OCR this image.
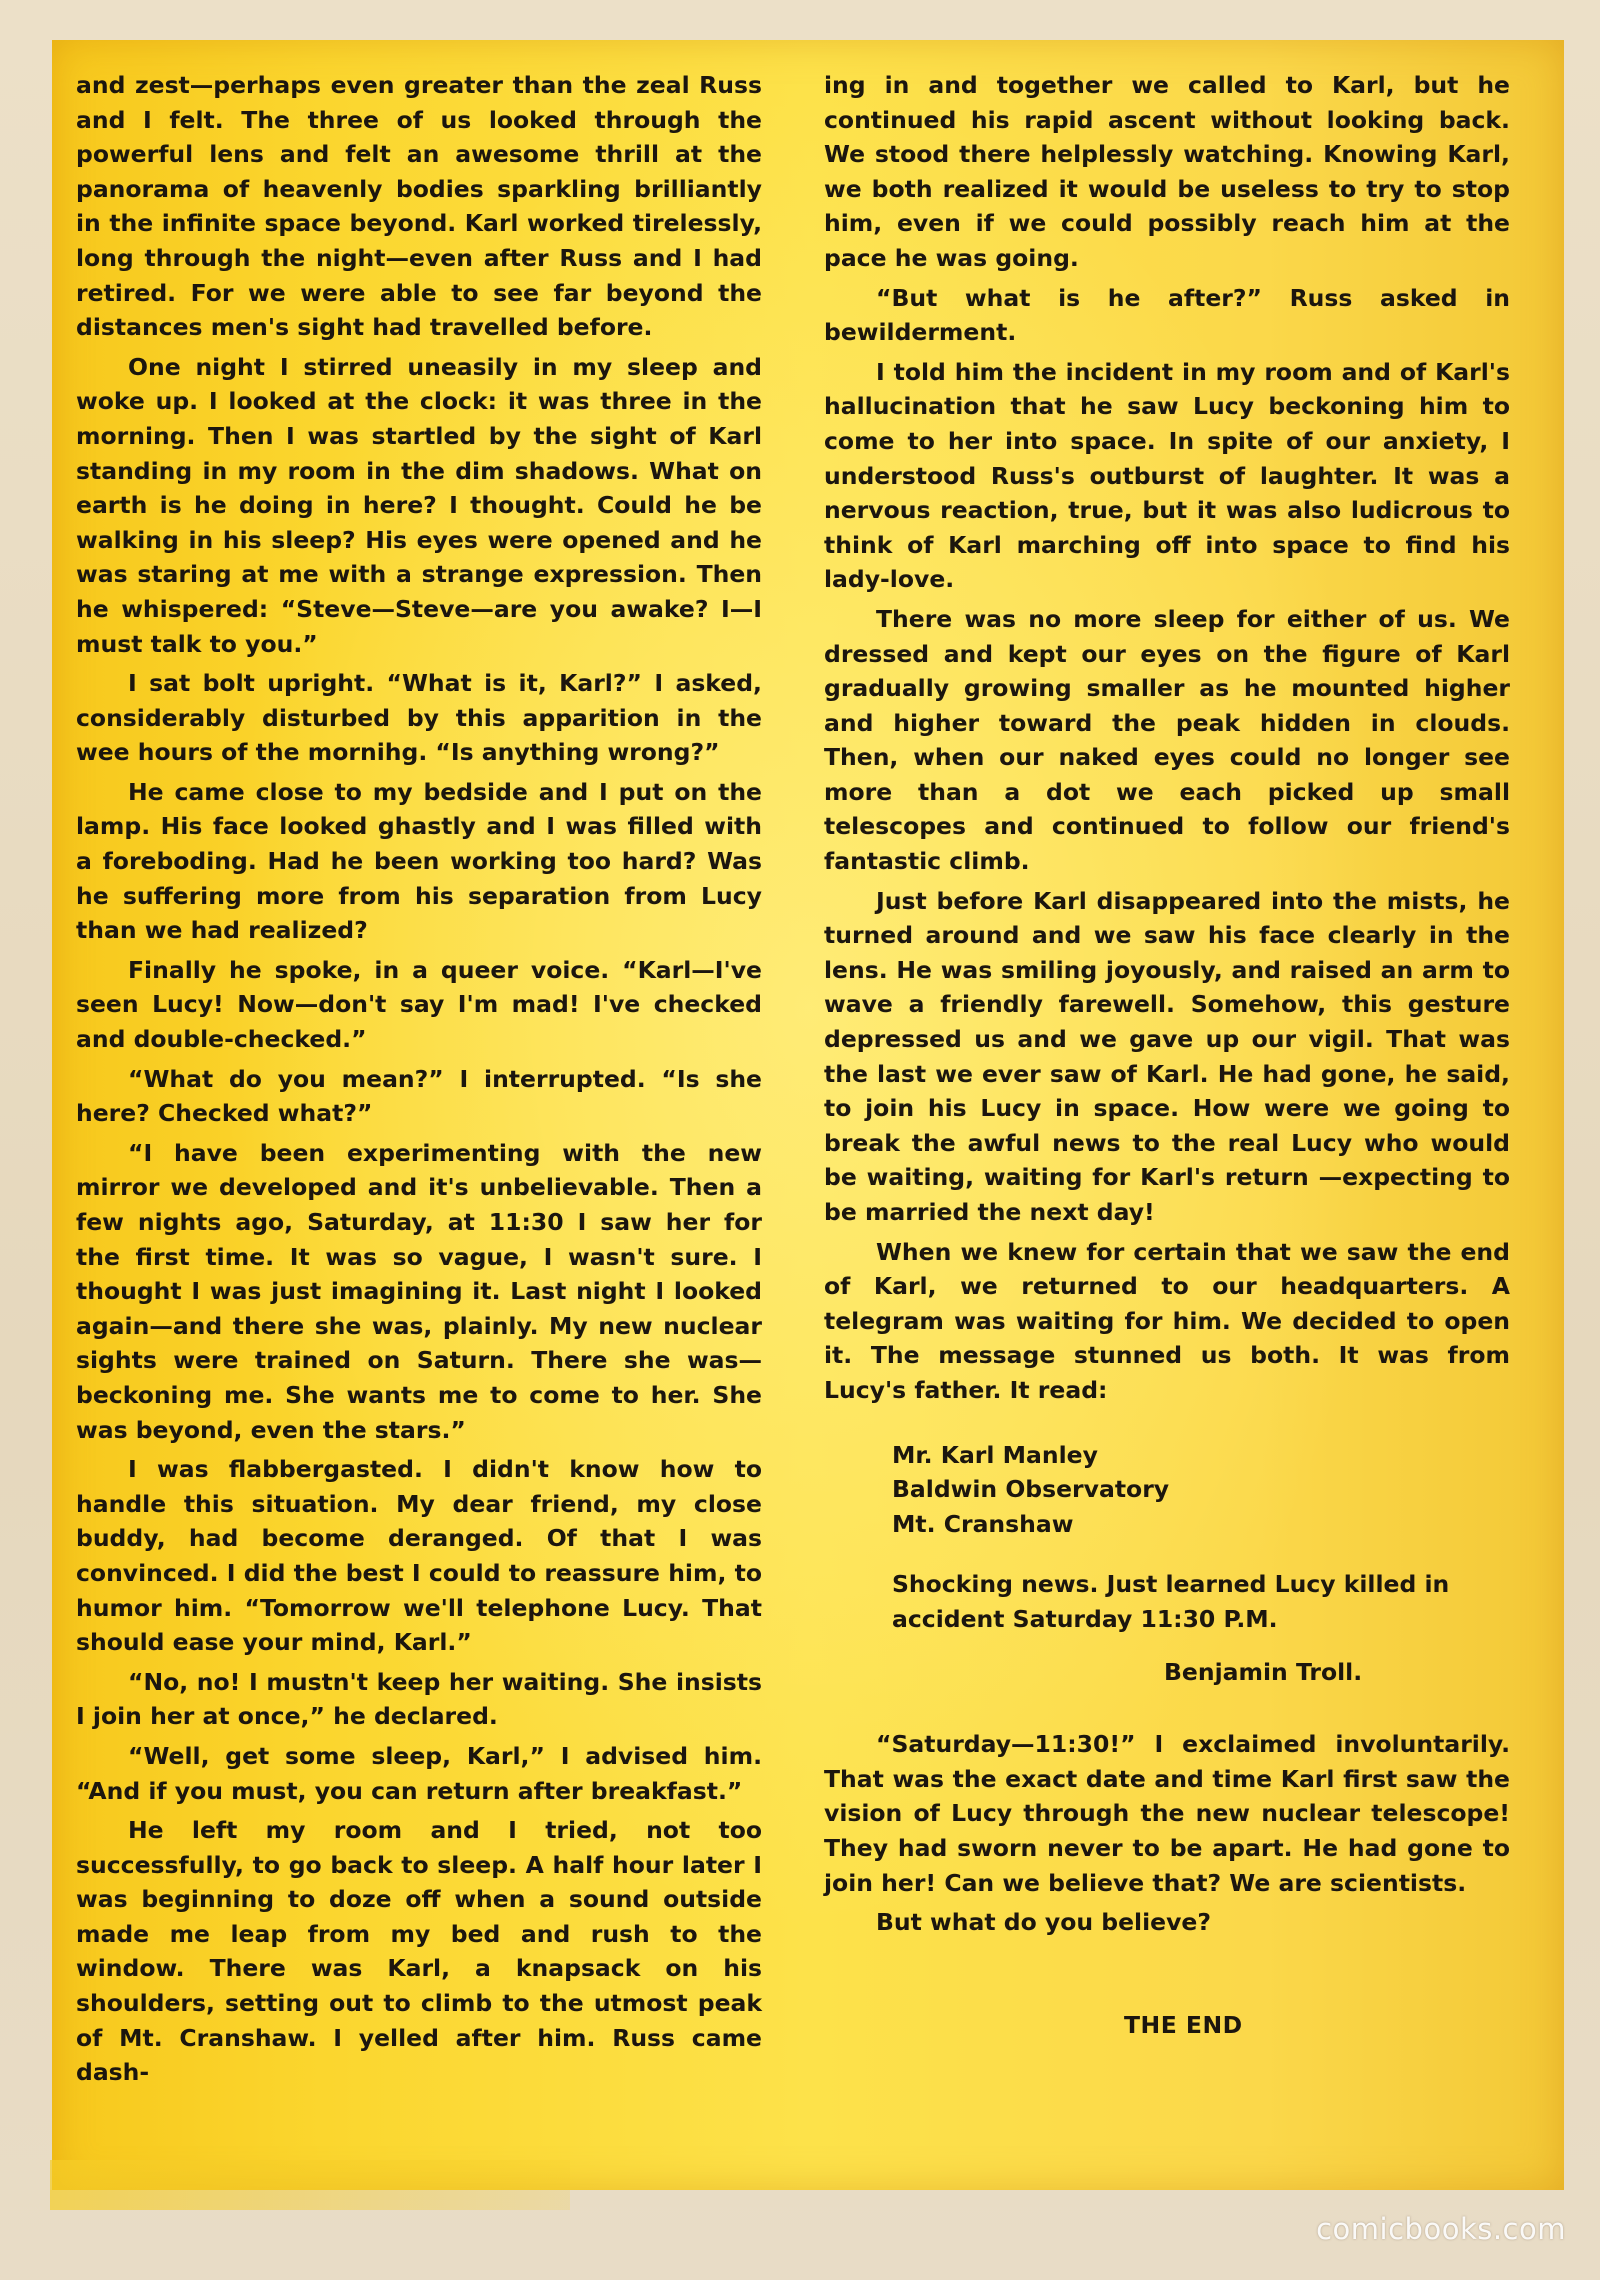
and zest—perhaps even greater than the zeal Russ and I felt. The three of us looked through the powerful lens and felt an awesome thrill at the panorama of heavenly bodies sparkling brilliantly in the infinite space beyond. Karl worked tirelessly, long through the night—even after Russ and I had retired. For we were able to see far beyond the distances men's sight had travelled before.

One night I stirred uneasily in my sleep and woke up. I looked at the clock: it was three in the morning. Then I was startled by the sight of Karl standing in my room in the dim shadows. What on earth is he doing in here? I thought. Could he be walking in his sleep? His eyes were opened and he was staring at me with a strange expression. Then he whispered: “Steve—Steve—are you awake? I—I must talk to you.”

I sat bolt upright. “What is it, Karl?” I asked, considerably disturbed by this apparition in the wee hours of the mornihg. “Is anything wrong?”

He came close to my bedside and I put on the lamp. His face looked ghastly and I was filled with a foreboding. Had he been working too hard? Was he suffering more from his separation from Lucy than we had realized?

Finally he spoke, in a queer voice. “Karl—I've seen Lucy! Now—don't say I'm mad! I've checked and double-checked.”

“What do you mean?” I interrupted. “Is she here? Checked what?”

“I have been experimenting with the new mirror we developed and it's unbelievable. Then a few nights ago, Saturday, at 11:30 I saw her for the first time. It was so vague, I wasn't sure. I thought I was just imagining it. Last night I looked again—and there she was, plainly. My new nuclear sights were trained on Saturn. There she was—beckoning me. She wants me to come to her. She was beyond, even the stars.”

I was flabbergasted. I didn't know how to handle this situation. My dear friend, my close buddy, had become deranged. Of that I was convinced. I did the best I could to reassure him, to humor him. “Tomorrow we'll telephone Lucy. That should ease your mind, Karl.”

“No, no! I mustn't keep her waiting. She insists I join her at once,” he declared.

“Well, get some sleep, Karl,” I advised him. “And if you must, you can return after breakfast.”

He left my room and I tried, not too successfully, to go back to sleep. A half hour later I was beginning to doze off when a sound outside made me leap from my bed and rush to the window. There was Karl, a knapsack on his shoulders, setting out to climb to the utmost peak of Mt. Cranshaw. I yelled after him. Russ came dash-

ing in and together we called to Karl, but he continued his rapid ascent without looking back. We stood there helplessly watching. Knowing Karl, we both realized it would be useless to try to stop him, even if we could possibly reach him at the pace he was going.

“But what is he after?” Russ asked in bewilderment.

I told him the incident in my room and of Karl's hallucination that he saw Lucy beckoning him to come to her into space. In spite of our anxiety, I understood Russ's outburst of laughter. It was a nervous reaction, true, but it was also ludicrous to think of Karl marching off into space to find his lady-love.

There was no more sleep for either of us. We dressed and kept our eyes on the figure of Karl gradually growing smaller as he mounted higher and higher toward the peak hidden in clouds. Then, when our naked eyes could no longer see more than a dot we each picked up small telescopes and continued to follow our friend's fantastic climb.

Just before Karl disappeared into the mists, he turned around and we saw his face clearly in the lens. He was smiling joyously, and raised an arm to wave a friendly farewell. Somehow, this gesture depressed us and we gave up our vigil. That was the last we ever saw of Karl. He had gone, he said, to join his Lucy in space. How were we going to break the awful news to the real Lucy who would be waiting, waiting for Karl's return —expecting to be married the next day!

When we knew for certain that we saw the end of Karl, we returned to our headquarters. A telegram was waiting for him. We decided to open it. The message stunned us both. It was from Lucy's father. It read:

Mr. Karl Manley
Baldwin Observatory
Mt. Cranshaw
Shocking news. Just learned Lucy killed in accident Saturday 11:30 P.M.
Benjamin Troll.

“Saturday—11:30!” I exclaimed involuntarily. That was the exact date and time Karl first saw the vision of Lucy through the new nuclear telescope! They had sworn never to be apart. He had gone to join her! Can we believe that? We are scientists.

But what do you believe?

THE END
comicbooks.com
